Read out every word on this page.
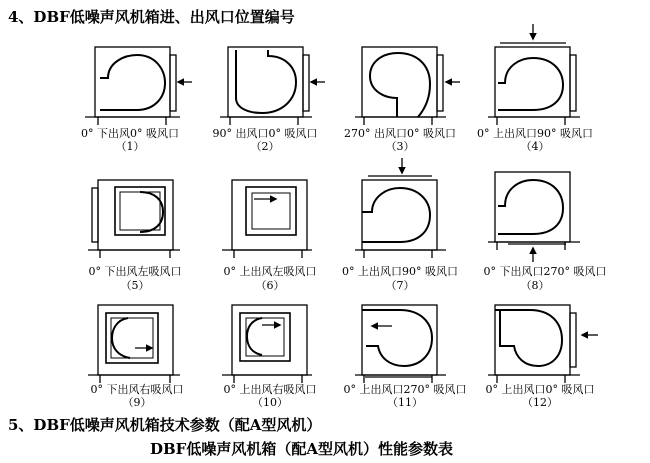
4、DBF低噪声风机箱进、出风口位置编号
5、DBF低噪声风机箱技术参数（配A型风机）
DBF低噪声风机箱（配A型风机）性能参数表
0° 下出风0° 吸风口
（1）
90° 出风口0° 吸风口
（2）
270° 出风口0° 吸风口
（3）
0° 上出风口90° 吸风口
（4）
0° 下出风左吸风口
（5）
0° 上出风左吸风口
（6）
0° 上出风口90° 吸风口
（7）
0° 下出风口270° 吸风口
（8）
0° 下出风右吸风口
（9）
0° 上出风右吸风口
（10）
0° 上出风口270° 吸风口
（11）
0° 上出风口0° 吸风口
（12）
